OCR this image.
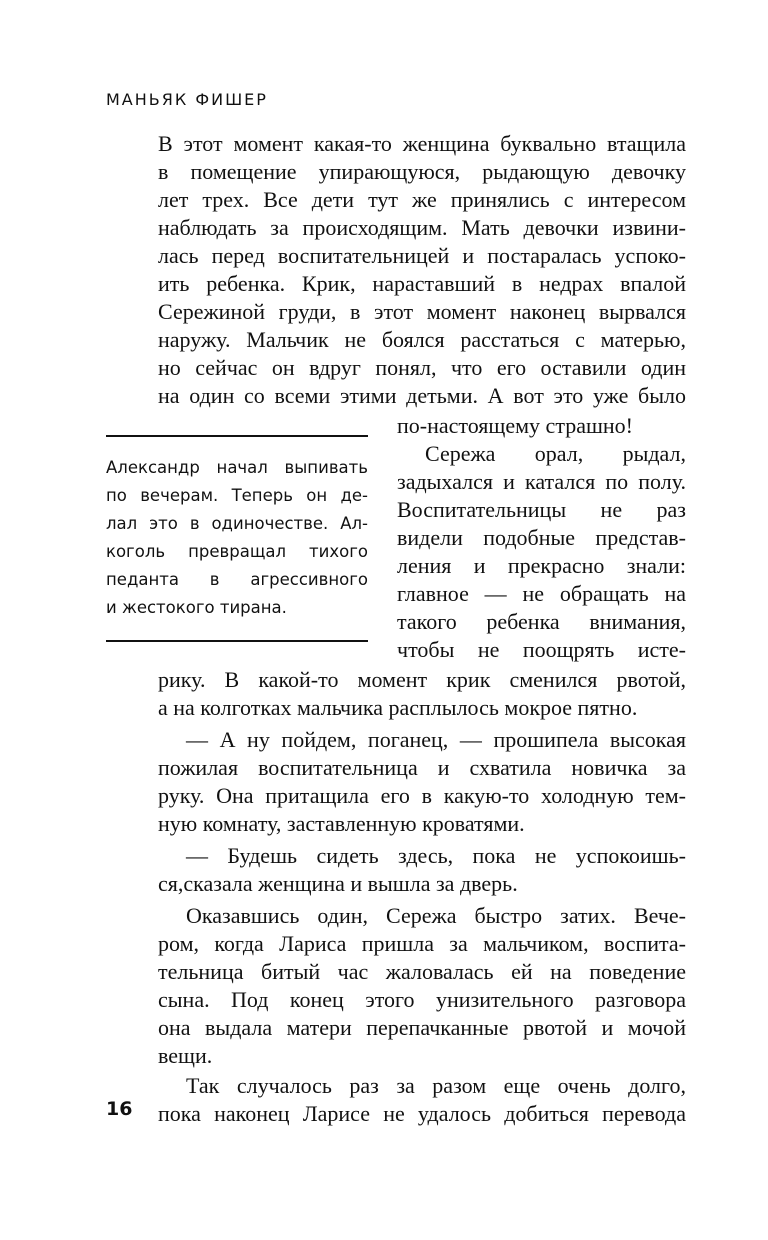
МАНЬЯК ФИШЕР
В этот момент какая-то женщина буквально втащила
в помещение упирающуюся, рыдающую девочку
лет трех. Все дети тут же принялись с интересом
наблюдать за происходящим. Мать девочки извини-
лась перед воспитательницей и постаралась успоко-
ить ребенка. Крик, нараставший в недрах впалой
Сережиной груди, в этот момент наконец вырвался
наружу. Мальчик не боялся расстаться с матерью,
но сейчас он вдруг понял, что его оставили один
на один со всеми этими детьми. А вот это уже было
по-настоящему страшно!
Сережа орал, рыдал,
задыхался и катался по полу.
Воспитательницы не раз
видели подобные представ-
ления и прекрасно знали:
главное — не обращать на
такого ребенка внимания,
чтобы не поощрять исте-
рику. В какой-то момент крик сменился рвотой,
а на колготках мальчика расплылось мокрое пятно.
— А ну пойдем, поганец, — прошипела высокая
пожилая воспитательница и схватила новичка за
руку. Она притащила его в какую-то холодную тем-
ную комнату, заставленную кроватями.
— Будешь сидеть здесь, пока не успокоишь-
ся,сказала женщина и вышла за дверь.
Оказавшись один, Сережа быстро затих. Вече-
ром, когда Лариса пришла за мальчиком, воспита-
тельница битый час жаловалась ей на поведение
сына. Под конец этого унизительного разговора
она выдала матери перепачканные рвотой и мочой
вещи.
Так случалось раз за разом еще очень долго,
пока наконец Ларисе не удалось добиться перевода
Александр начал выпивать
по вечерам. Теперь он де-
лал это в одиночестве. Ал-
коголь превращал тихого
педанта в агрессивного
и жестокого тирана.
16
